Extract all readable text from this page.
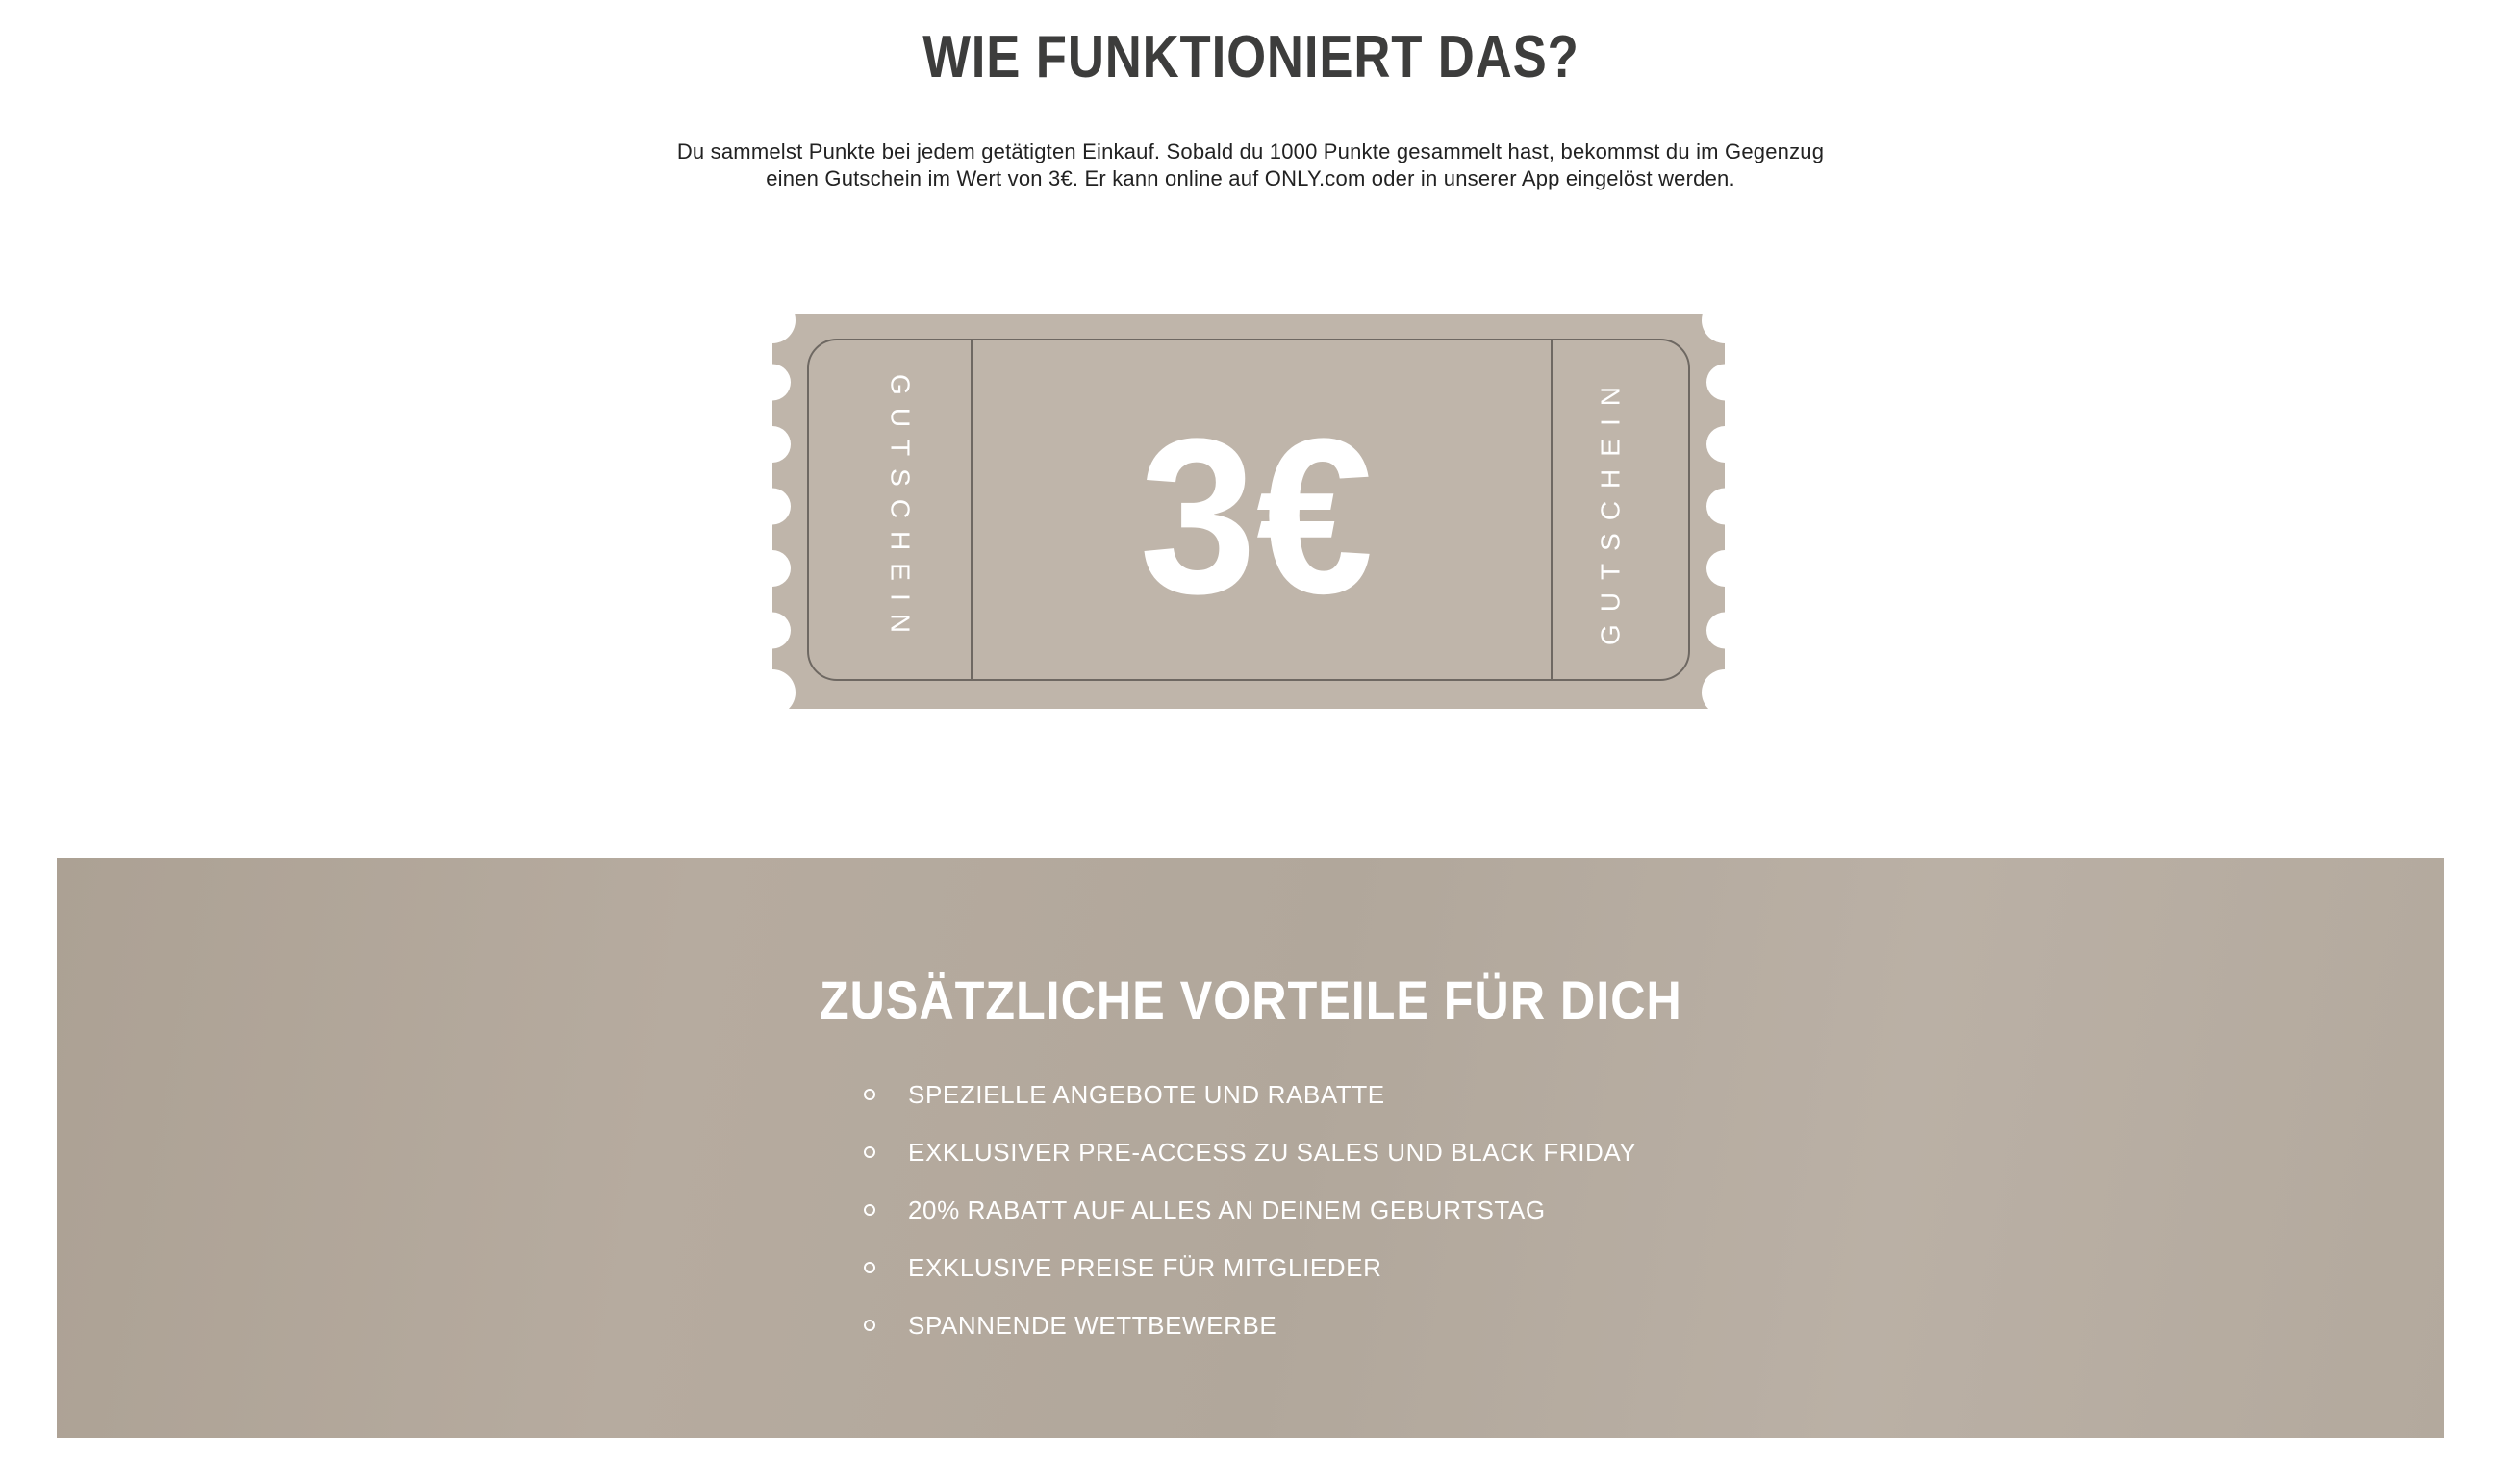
WIE FUNKTIONIERT DAS?
Du sammelst Punkte bei jedem getätigten Einkauf. Sobald du 1000 Punkte gesammelt hast, bekommst du im Gegenzug
einen Gutschein im Wert von 3€. Er kann online auf ONLY.com oder in unserer App eingelöst werden.
GUTSCHEIN	GUTSCHEIN
3€
SPEZIELLE ANGEBOTE UND RABATTE
EXKLUSIVER PRE-ACCESS ZU SALES UND BLACK FRIDAY
20% RABATT AUF ALLES AN DEINEM GEBURTSTAG
EXKLUSIVE PREISE FÜR MITGLIEDER
SPANNENDE WETTBEWERBE
ZUSÄTZLICHE VORTEILE FÜR DICH
